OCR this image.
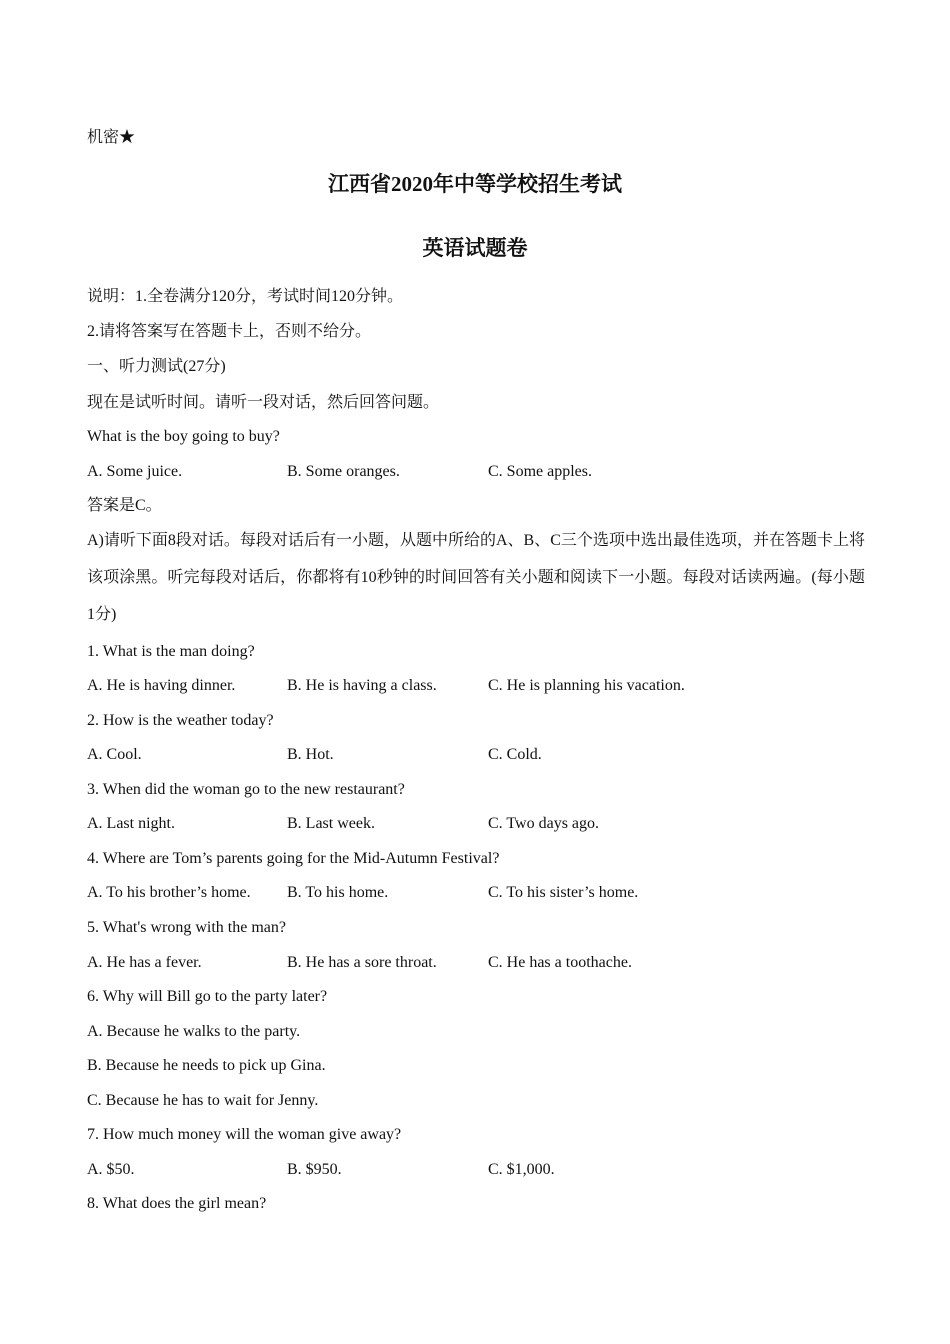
机密★
江西省2020年中等学校招生考试
英语试题卷
说明：1.全卷满分120分，考试时间120分钟。
2.请将答案写在答题卡上，否则不给分。
一、听力测试(27分)
现在是试听时间。请听一段对话，然后回答问题。
What is the boy going to buy?
A. Some juice.	B. Some oranges.	C. Some apples.
答案是C。
A)请听下面8段对话。每段对话后有一小题，从题中所给的A、B、C三个选项中选出最佳选项，并在答题卡上将该项涂黑。听完每段对话后，你都将有10秒钟的时间回答有关小题和阅读下一小题。每段对话读两遍。(每小题1分)
1. What is the man doing?
A. He is having dinner.	B. He is having a class.	C. He is planning his vacation.
2. How is the weather today?
A. Cool.	B. Hot.	C. Cold.
3. When did the woman go to the new restaurant?
A. Last night.	B. Last week.	C. Two days ago.
4. Where are Tom’s parents going for the Mid-Autumn Festival?
A. To his brother’s home. B. To his home.	C. To his sister’s home.
5. What's wrong with the man?
A. He has a fever.	B. He has a sore throat.	C. He has a toothache.
6. Why will Bill go to the party later?
A. Because he walks to the party.
B. Because he needs to pick up Gina.
C. Because he has to wait for Jenny.
7. How much money will the woman give away?
A. $50.	B. $950.	C. $1,000.
8. What does the girl mean?
